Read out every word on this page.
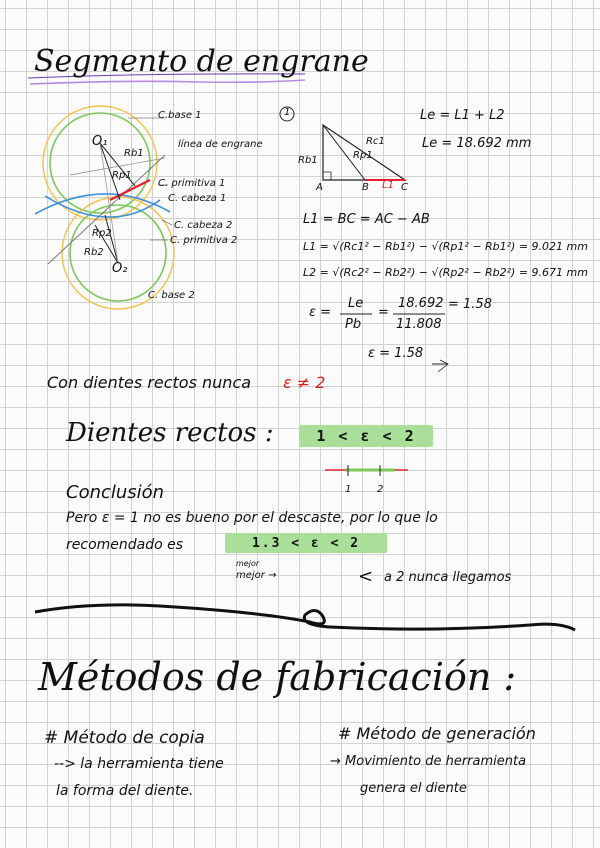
Segmento de engrane
O₁
Rb1
Rp1
Rp2
Rb2
O₂
C.base 1
línea de engrane
C. primitiva 1
C. cabeza 1
C. cabeza 2
C. primitiva 2
C. base 2
1
Rc1
Rb1	Rp1
A	B	C
L1
Le = L1 + L2
Le = 18.692 mm
L1 = BC = AC − AB
L1 = √(Rc1² − Rb1²) − √(Rp1² − Rb1²) = 9.021 mm
L2 = √(Rc2² − Rb2²) − √(Rp2² − Rb2²) = 9.671 mm
ε =
Le
Pb
=
18.692
11.808
= 1.58
ε = 1.58
Con dientes rectos nunca ε ≠ 2
Dientes rectos :	1 < ε < 2
Conclusión	1	2
Pero ε = 1 no es bueno por el descaste, por lo que lo
recomendado es	1.3 < ε < 2
mejor
mejor →	< a 2 nunca llegamos
Métodos de fabricación :
# Método de copia
--> la herramienta tiene
la forma del diente.
# Método de generación
→ Movimiento de herramienta
genera el diente
